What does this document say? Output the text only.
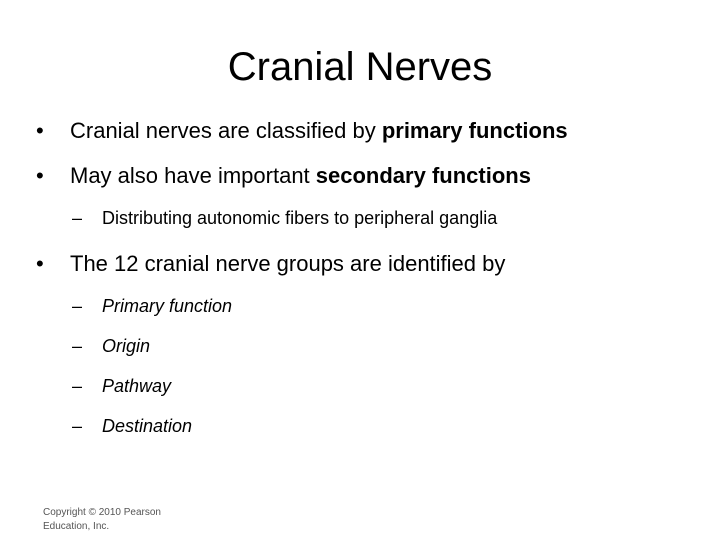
Cranial Nerves
•	Cranial nerves are classified by primary functions
•	May also have important secondary functions
– Distributing autonomic fibers to peripheral ganglia
•	The 12 cranial nerve groups are identified by
– Primary function
– Origin
– Pathway
– Destination
Copyright © 2010 Pearson Education, Inc.
